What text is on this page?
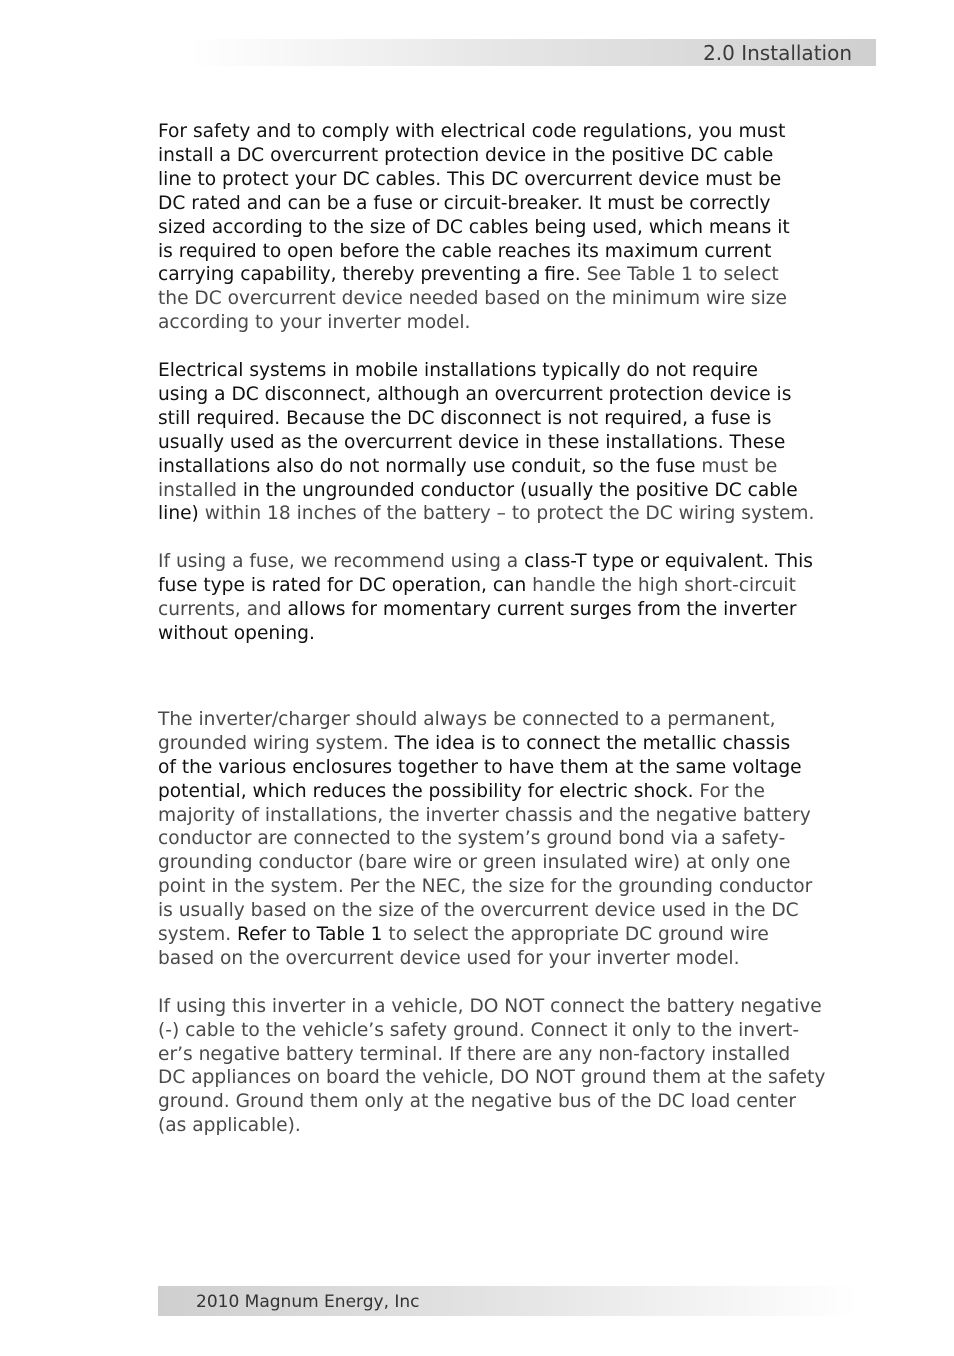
2.0 Installation
For safety and to comply with electrical code regulations, you must
install a DC overcurrent protection device in the positive DC cable
line to protect your DC cables. This DC overcurrent device must be
DC rated and can be a fuse or circuit-breaker. It must be correctly
sized according to the size of DC cables being used, which means it
is required to open before the cable reaches its maximum current
carrying capability, thereby preventing a fire. See Table 1 to select
the DC overcurrent device needed based on the minimum wire size
according to your inverter model.
Electrical systems in mobile installations typically do not require
using a DC disconnect, although an overcurrent protection device is
still required. Because the DC disconnect is not required, a fuse is
usually used as the overcurrent device in these installations. These
installations also do not normally use conduit, so the fuse must be
installed in the ungrounded conductor (usually the positive DC cable
line) within 18 inches of the battery – to protect the DC wiring system.
If using a fuse, we recommend using a class-T type or equivalent. This
fuse type is rated for DC operation, can handle the high short-circuit
currents, and allows for momentary current surges from the inverter
without opening.
The inverter/charger should always be connected to a permanent,
grounded wiring system. The idea is to connect the metallic chassis
of the various enclosures together to have them at the same voltage
potential, which reduces the possibility for electric shock. For the
majority of installations, the inverter chassis and the negative battery
conductor are connected to the system’s ground bond via a safety-
grounding conductor (bare wire or green insulated wire) at only one
point in the system. Per the NEC, the size for the grounding conductor
is usually based on the size of the overcurrent device used in the DC
system. Refer to Table 1 to select the appropriate DC ground wire
based on the overcurrent device used for your inverter model.
If using this inverter in a vehicle, DO NOT connect the battery negative
(-) cable to the vehicle’s safety ground. Connect it only to the invert-
er’s negative battery terminal. If there are any non-factory installed
DC appliances on board the vehicle, DO NOT ground them at the safety
ground. Ground them only at the negative bus of the DC load center
(as applicable).
2010 Magnum Energy, Inc
